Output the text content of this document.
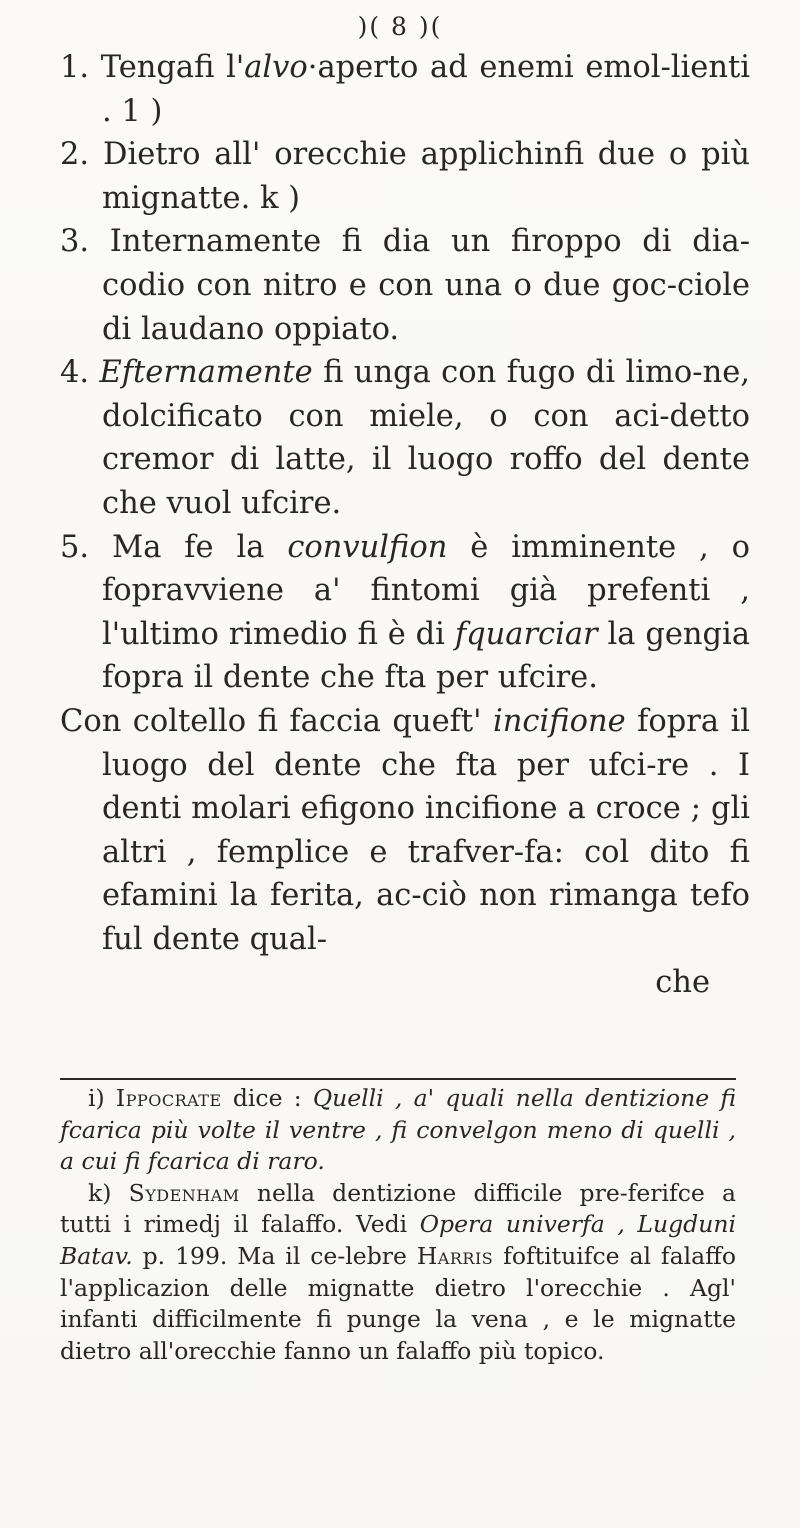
)( 8 )(

1. Tengafi l'alvo·aperto ad enemi emol-lienti . 1 )

2. Dietro all' orecchie applichinfi due o più mignatte. k )

3. Internamente fi dia un firoppo di dia-codio con nitro e con una o due goc-ciole di laudano oppiato.

4. Efternamente fi unga con fugo di limo-ne, dolcificato con miele, o con aci-detto cremor di latte, il luogo roffo del dente che vuol ufcire.

5. Ma fe la convulfion è imminente , o fopravviene a' fintomi già prefenti , l'ultimo rimedio fi è di fquarciar la gengia fopra il dente che fta per ufcire.

Con coltello fi faccia queft' incifione fopra il luogo del dente che fta per ufci-re . I denti molari efigono incifione a croce ; gli altri , femplice e trafver-fa: col dito fi efamini la ferita, ac-ciò non rimanga tefo ful dente qual-

che

i) Ippocrate dice : Quelli , a' quali nella dentizione fi fcarica più volte il ventre , fi convelgon meno di quelli , a cui fi fcarica di raro.

k) Sydenham nella dentizione difficile pre-ferifce a tutti i rimedj il falaffo. Vedi Opera univerfa , Lugduni Batav. p. 199. Ma il ce-lebre Harris foftituifce al falaffo l'applicazion delle mignatte dietro l'orecchie . Agl' infanti difficilmente fi punge la vena , e le mignatte dietro all'orecchie fanno un falaffo più topico.
